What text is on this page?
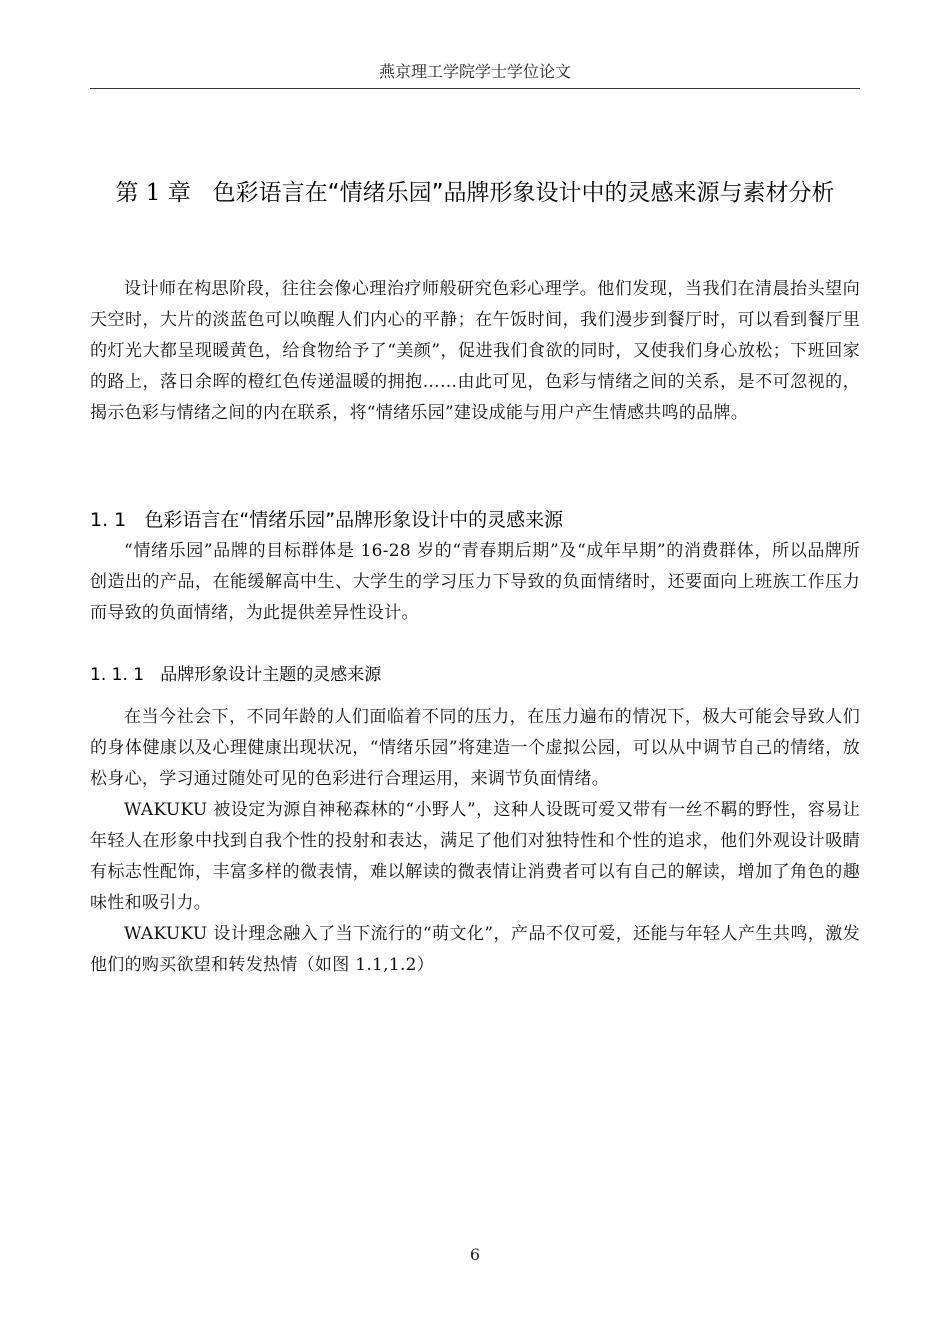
燕京理工学院学士学位论文
第 1 章 色彩语言在“情绪乐园”品牌形象设计中的灵感来源与素材分析

设计师在构思阶段，往往会像心理治疗师般研究色彩心理学。他们发现，当我们在清晨抬头望向天空时，大片的淡蓝色可以唤醒人们内心的平静；在午饭时间，我们漫步到餐厅时，可以看到餐厅里的灯光大都呈现暖黄色，给食物给予了“美颜”，促进我们食欲的同时，又使我们身心放松；下班回家的路上，落日余晖的橙红色传递温暖的拥抱……由此可见，色彩与情绪之间的关系，是不可忽视的，揭示色彩与情绪之间的内在联系，将“情绪乐园”建设成能与用户产生情感共鸣的品牌。

1. 1 色彩语言在“情绪乐园”品牌形象设计中的灵感来源

“情绪乐园”品牌的目标群体是 16-28 岁的“青春期后期”及“成年早期”的消费群体，所以品牌所创造出的产品，在能缓解高中生、大学生的学习压力下导致的负面情绪时，还要面向上班族工作压力而导致的负面情绪，为此提供差异性设计。

1. 1. 1 品牌形象设计主题的灵感来源

在当今社会下，不同年龄的人们面临着不同的压力，在压力遍布的情况下，极大可能会导致人们的身体健康以及心理健康出现状况，“情绪乐园”将建造一个虚拟公园，可以从中调节自己的情绪，放松身心，学习通过随处可见的色彩进行合理运用，来调节负面情绪。

WAKUKU 被设定为源自神秘森林的“小野人”，这种人设既可爱又带有一丝不羁的野性，容易让年轻人在形象中找到自我个性的投射和表达，满足了他们对独特性和个性的追求，他们外观设计吸睛有标志性配饰，丰富多样的微表情，难以解读的微表情让消费者可以有自己的解读，增加了角色的趣味性和吸引力。

WAKUKU 设计理念融入了当下流行的“萌文化”，产品不仅可爱，还能与年轻人产生共鸣，激发他们的购买欲望和转发热情（如图 1.1,1.2）

6
